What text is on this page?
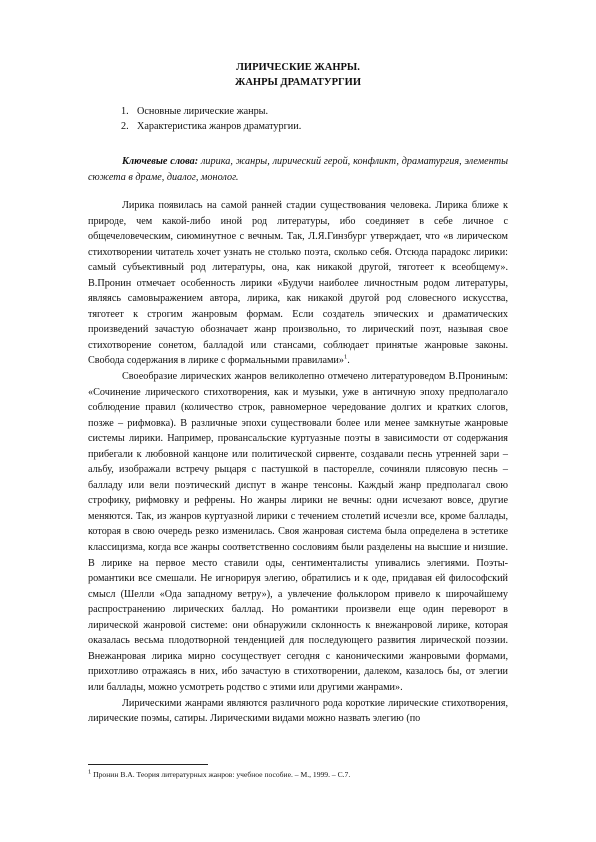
ЛИРИЧЕСКИЕ ЖАНРЫ.
ЖАНРЫ ДРАМАТУРГИИ
1. Основные лирические жанры.
2. Характеристика жанров драматургии.
Ключевые слова: лирика, жанры, лирический герой, конфликт, драматургия, элементы сюжета в драме, диалог, монолог.

Лирика появилась на самой ранней стадии существования человека. Лирика ближе к природе, чем какой-либо иной род литературы, ибо соединяет в себе личное с общечеловеческим, сиюминутное с вечным. Так, Л.Я.Гинзбург утверждает, что «в лирическом стихотворении читатель хочет узнать не столько поэта, сколько себя. Отсюда парадокс лирики: самый субъективный род литературы, она, как никакой другой, тяготеет к всеобщему». В.Пронин отмечает особенность лирики «Будучи наиболее личностным родом литературы, являясь самовыражением автора, лирика, как никакой другой род словесного искусства, тяготеет к строгим жанровым формам. Если создатель эпических и драматических произведений зачастую обозначает жанр произвольно, то лирический поэт, называя свое стихотворение сонетом, балладой или стансами, соблюдает принятые жанровые законы. Свобода содержания в лирике с формальными правилами»$^1$.

Своеобразие лирических жанров великолепно отмечено литературоведом В.Прониным: «Сочинение лирического стихотворения, как и музыки, уже в античную эпоху предполагало соблюдение правил (количество строк, равномерное чередование долгих и кратких слогов, позже – рифмовка). В различные эпохи существовали более или менее замкнутые жанровые системы лирики. Например, провансальские куртуазные поэты в зависимости от содержания прибегали к любовной канцоне или политической сирвенте, создавали песнь утренней зари – альбу, изображали встречу рыцаря с пастушкой в пасторелле, сочиняли плясовую песнь – балладу или вели поэтический диспут в жанре тенсоны. Каждый жанр предполагал свою строфику, рифмовку и рефрены. Но жанры лирики не вечны: одни исчезают вовсе, другие меняются. Так, из жанров куртуазной лирики с течением столетий исчезли все, кроме баллады, которая в свою очередь резко изменилась. Своя жанровая система была определена в эстетике классицизма, когда все жанры соответственно сословиям были разделены на высшие и низшие. В лирике на первое место ставили оды, сентименталисты упивались элегиями. Поэты-романтики все смешали. Не игнорируя элегию, обратились и к оде, придавая ей философский смысл (Шелли «Ода западному ветру»), а увлечение фольклором привело к широчайшему распространению лирических баллад. Но романтики произвели еще один переворот в лирической жанровой системе: они обнаружили склонность к внежанровой лирике, которая оказалась весьма плодотворной тенденцией для последующего развития лирической поэзии. Внежанровая лирика мирно сосуществует сегодня с каноническими жанровыми формами, прихотливо отражаясь в них, ибо зачастую в стихотворении, далеком, казалось бы, от элегии или баллады, можно усмотреть родство с этими или другими жанрами».

Лирическими жанрами являются различного рода короткие лирические стихотворения, лирические поэмы, сатиры. Лирическими видами можно назвать элегию (по

$^1$ Пронин В.А. Теория литературных жанров: учебное пособие. – М., 1999. – С.7.
